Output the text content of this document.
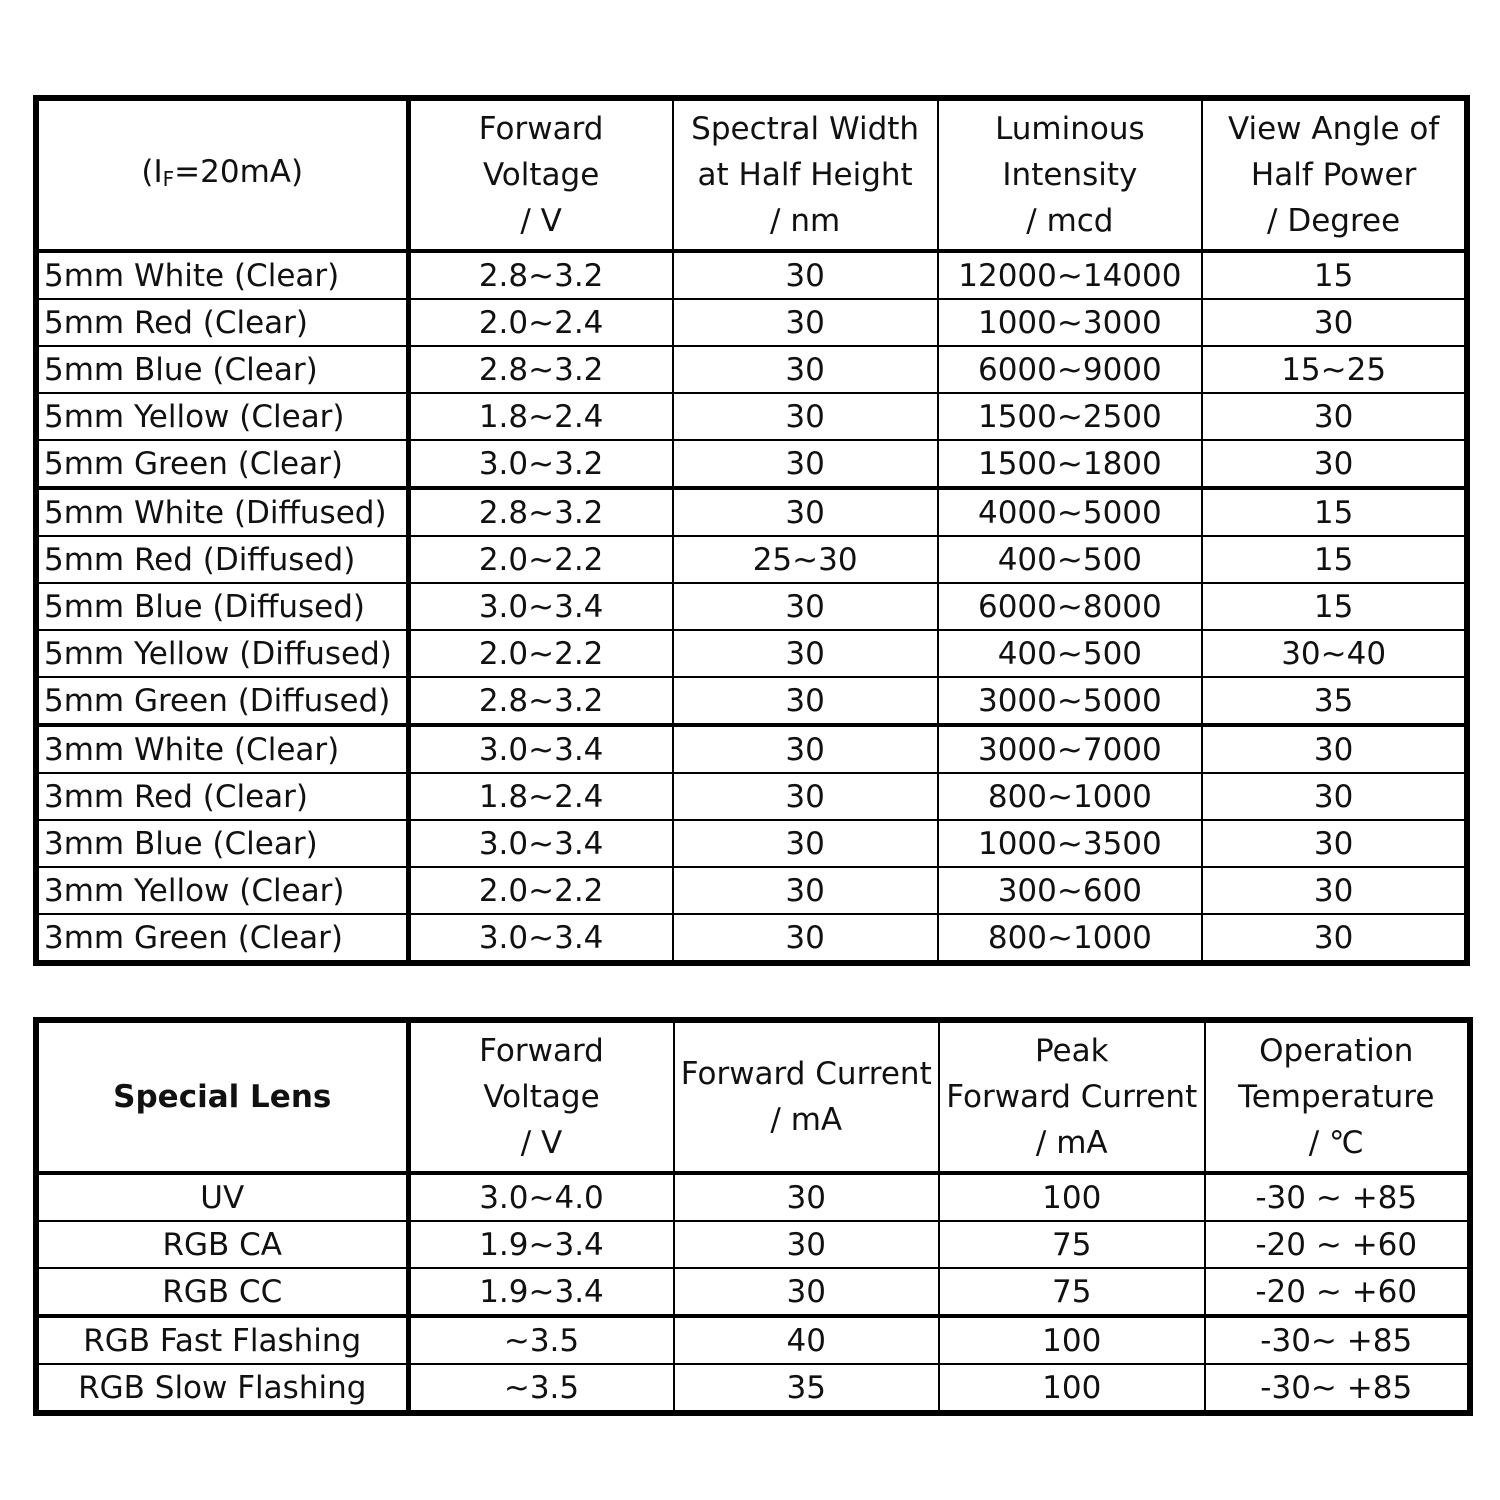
$(I_F=20mA)$	Forward
Voltage
/ V	Spectral Width
at Half Height
/ nm	Luminous
Intensity
/ mcd	View Angle of
Half Power
/ Degree

5mm White (Clear)	2.8~3.2	30	12000~14000	15
5mm Red (Clear)	2.0~2.4	30	1000~3000	30
5mm Blue (Clear)	2.8~3.2	30	6000~9000	15~25
5mm Yellow (Clear)	1.8~2.4	30	1500~2500	30
5mm Green (Clear)	3.0~3.2	30	1500~1800	30
5mm White (Diffused)	2.8~3.2	30	4000~5000	15
5mm Red (Diffused)	2.0~2.2	25~30	400~500	15
5mm Blue (Diffused)	3.0~3.4	30	6000~8000	15
5mm Yellow (Diffused)	2.0~2.2	30	400~500	30~40
5mm Green (Diffused)	2.8~3.2	30	3000~5000	35
3mm White (Clear)	3.0~3.4	30	3000~7000	30
3mm Red (Clear)	1.8~2.4	30	800~1000	30
3mm Blue (Clear)	3.0~3.4	30	1000~3500	30
3mm Yellow (Clear)	2.0~2.2	30	300~600	30
3mm Green (Clear)	3.0~3.4	30	800~1000	30
Special Lens	Forward
Voltage
/ V	Forward Current
/ mA	Peak
Forward Current
/ mA	Operation
Temperature
/ ℃

UV	3.0~4.0	30	100	-30 ~ +85
RGB CA	1.9~3.4	30	75	-20 ~ +60
RGB CC	1.9~3.4	30	75	-20 ~ +60
RGB Fast Flashing	~3.5	40	100	-30~ +85
RGB Slow Flashing	~3.5	35	100	-30~ +85
